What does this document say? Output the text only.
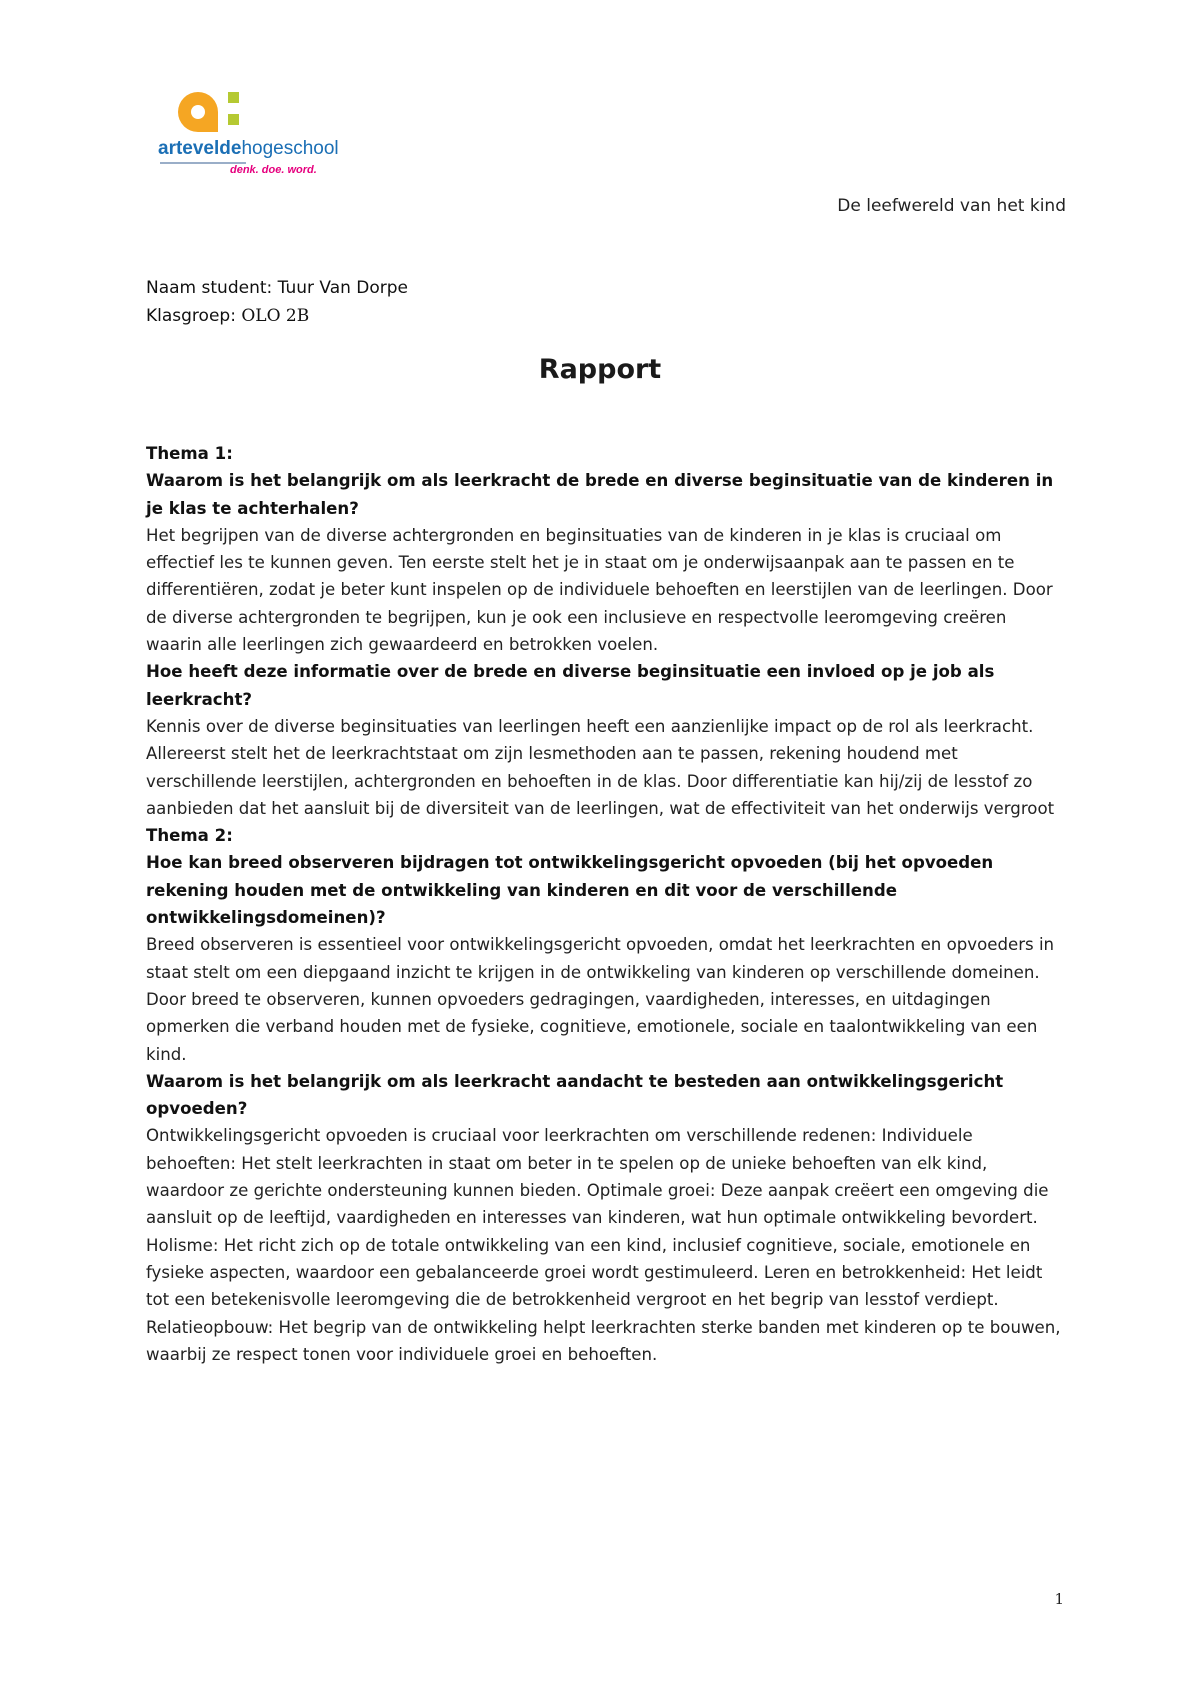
arteveldehogeschool
denk. doe. word.
De leefwereld van het kind
Naam student: Tuur Van Dorpe
Klasgroep: OLO 2B
Rapport

Thema 1:

Waarom is het belangrijk om als leerkracht de brede en diverse beginsituatie van de kinderen in je klas te achterhalen?

Het begrijpen van de diverse achtergronden en beginsituaties van de kinderen in je klas is cruciaal om effectief les te kunnen geven. Ten eerste stelt het je in staat om je onderwijsaanpak aan te passen en te differentiëren, zodat je beter kunt inspelen op de individuele behoeften en leerstijlen van de leerlingen. Door de diverse achtergronden te begrijpen, kun je ook een inclusieve en respectvolle leeromgeving creëren waarin alle leerlingen zich gewaardeerd en betrokken voelen.

Hoe heeft deze informatie over de brede en diverse beginsituatie een invloed op je job als leerkracht?

Kennis over de diverse beginsituaties van leerlingen heeft een aanzienlijke impact op de rol als leerkracht. Allereerst stelt het de leerkrachtstaat om zijn lesmethoden aan te passen, rekening houdend met verschillende leerstijlen, achtergronden en behoeften in de klas. Door differentiatie kan hij/zij de lesstof zo aanbieden dat het aansluit bij de diversiteit van de leerlingen, wat de effectiviteit van het onderwijs vergroot

Thema 2:

Hoe kan breed observeren bijdragen tot ontwikkelingsgericht opvoeden (bij het opvoeden rekening houden met de ontwikkeling van kinderen en dit voor de verschillende ontwikkelingsdomeinen)?

Breed observeren is essentieel voor ontwikkelingsgericht opvoeden, omdat het leerkrachten en opvoeders in staat stelt om een diepgaand inzicht te krijgen in de ontwikkeling van kinderen op verschillende domeinen. Door breed te observeren, kunnen opvoeders gedragingen, vaardigheden, interesses, en uitdagingen opmerken die verband houden met de fysieke, cognitieve, emotionele, sociale en taalontwikkeling van een kind.

Waarom is het belangrijk om als leerkracht aandacht te besteden aan ontwikkelingsgericht opvoeden?

Ontwikkelingsgericht opvoeden is cruciaal voor leerkrachten om verschillende redenen: Individuele behoeften: Het stelt leerkrachten in staat om beter in te spelen op de unieke behoeften van elk kind, waardoor ze gerichte ondersteuning kunnen bieden. Optimale groei: Deze aanpak creëert een omgeving die aansluit op de leeftijd, vaardigheden en interesses van kinderen, wat hun optimale ontwikkeling bevordert. Holisme: Het richt zich op de totale ontwikkeling van een kind, inclusief cognitieve, sociale, emotionele en fysieke aspecten, waardoor een gebalanceerde groei wordt gestimuleerd. Leren en betrokkenheid: Het leidt tot een betekenisvolle leeromgeving die de betrokkenheid vergroot en het begrip van lesstof verdiept. Relatieopbouw: Het begrip van de ontwikkeling helpt leerkrachten sterke banden met kinderen op te bouwen, waarbij ze respect tonen voor individuele groei en behoeften.

1
